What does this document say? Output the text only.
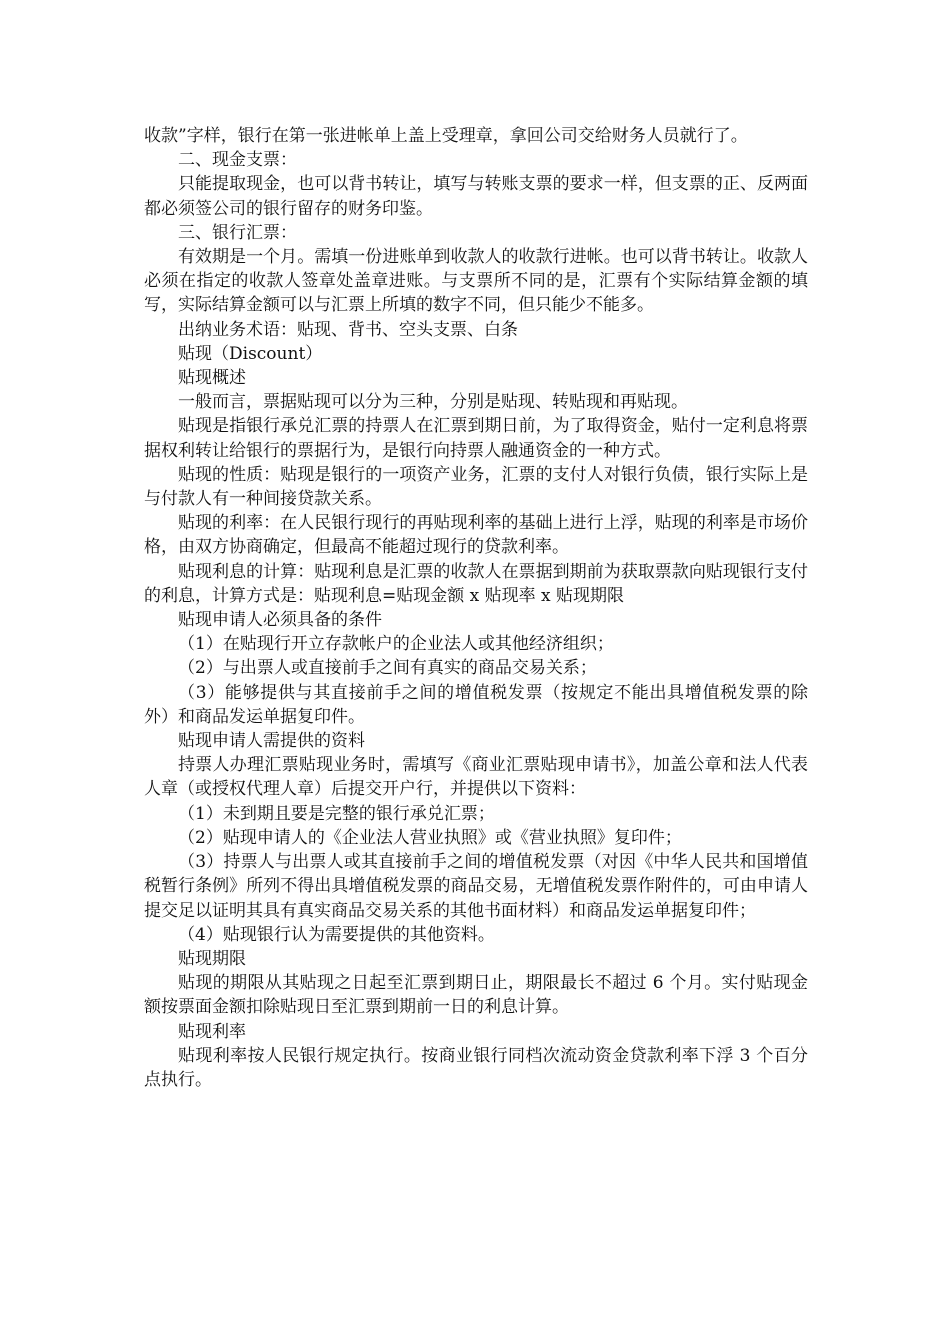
收款”字样，银行在第一张进帐单上盖上受理章，拿回公司交给财务人员就行了。

二、现金支票：

只能提取现金，也可以背书转让，填写与转账支票的要求一样，但支票的正、反两面都必须签公司的银行留存的财务印鉴。

三、银行汇票：

有效期是一个月。需填一份进账单到收款人的收款行进帐。也可以背书转让。收款人必须在指定的收款人签章处盖章进账。与支票所不同的是，汇票有个实际结算金额的填写，实际结算金额可以与汇票上所填的数字不同，但只能少不能多。

出纳业务术语：贴现、背书、空头支票、白条

贴现（Discount）

贴现概述

一般而言，票据贴现可以分为三种，分别是贴现、转贴现和再贴现。

贴现是指银行承兑汇票的持票人在汇票到期日前，为了取得资金，贴付一定利息将票据权利转让给银行的票据行为，是银行向持票人融通资金的一种方式。

贴现的性质：贴现是银行的一项资产业务，汇票的支付人对银行负债，银行实际上是与付款人有一种间接贷款关系。

贴现的利率：在人民银行现行的再贴现利率的基础上进行上浮，贴现的利率是市场价格，由双方协商确定，但最高不能超过现行的贷款利率。

贴现利息的计算：贴现利息是汇票的收款人在票据到期前为获取票款向贴现银行支付的利息，计算方式是：贴现利息=贴现金额 x 贴现率 x 贴现期限

贴现申请人必须具备的条件

（1）在贴现行开立存款帐户的企业法人或其他经济组织；

（2）与出票人或直接前手之间有真实的商品交易关系；

（3）能够提供与其直接前手之间的增值税发票（按规定不能出具增值税发票的除外）和商品发运单据复印件。

贴现申请人需提供的资料

持票人办理汇票贴现业务时，需填写《商业汇票贴现申请书》，加盖公章和法人代表人章（或授权代理人章）后提交开户行，并提供以下资料：

（1）未到期且要是完整的银行承兑汇票；

（2）贴现申请人的《企业法人营业执照》或《营业执照》复印件；

（3）持票人与出票人或其直接前手之间的增值税发票（对因《中华人民共和国增值税暂行条例》所列不得出具增值税发票的商品交易，无增值税发票作附件的，可由申请人提交足以证明其具有真实商品交易关系的其他书面材料）和商品发运单据复印件；

（4）贴现银行认为需要提供的其他资料。

贴现期限

贴现的期限从其贴现之日起至汇票到期日止，期限最长不超过 6 个月。实付贴现金额按票面金额扣除贴现日至汇票到期前一日的利息计算。

贴现利率

贴现利率按人民银行规定执行。按商业银行同档次流动资金贷款利率下浮 3 个百分点执行。
